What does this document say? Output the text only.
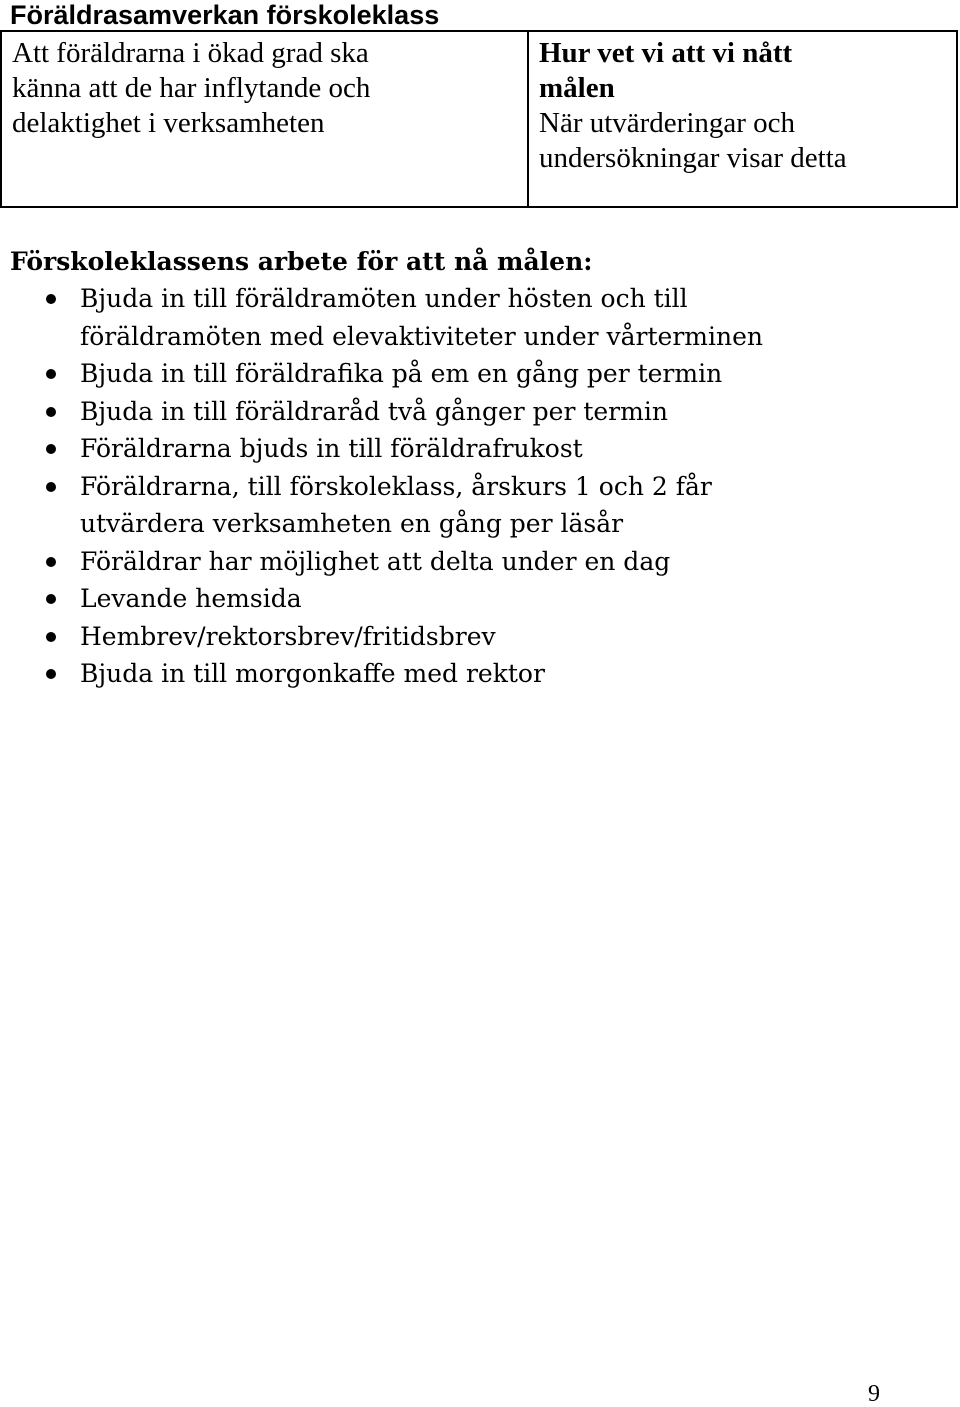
Föräldrasamverkan förskoleklass
Att föräldrarna i ökad grad ska
känna att de har inflytande och
delaktighet i verksamheten
Hur vet vi att vi nått
målen
När utvärderingar och
undersökningar visar detta
Förskoleklassens arbete för att nå målen:
Bjuda in till föräldramöten under hösten och till
föräldramöten med elevaktiviteter under vårterminen
Bjuda in till föräldrafika på em en gång per termin
Bjuda in till föräldraråd två gånger per termin
Föräldrarna bjuds in till föräldrafrukost
Föräldrarna, till förskoleklass, årskurs 1 och 2 får
utvärdera verksamheten en gång per läsår
Föräldrar har möjlighet att delta under en dag
Levande hemsida
Hembrev/rektorsbrev/fritidsbrev
Bjuda in till morgonkaffe med rektor
9
